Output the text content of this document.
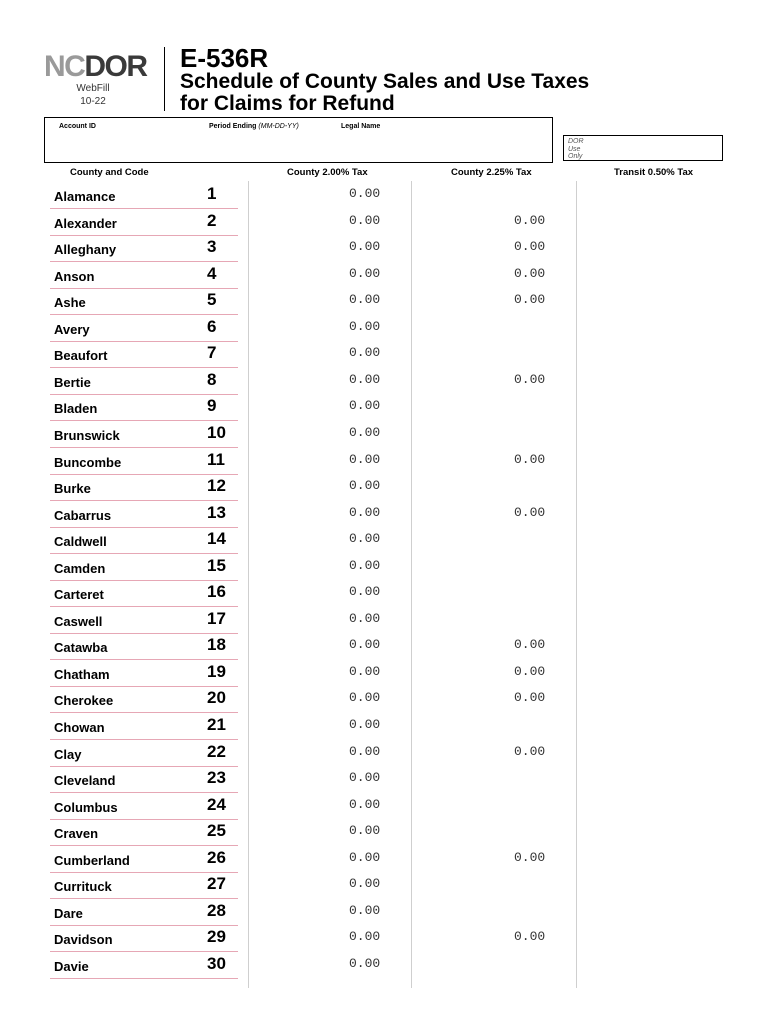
NCDOR
WebFill
10-22
E-536R
Schedule of County Sales and Use Taxes
for Claims for Refund
Account ID	Period Ending (MM-DD-YY)	Legal Name
DOR
Use
Only
County and Code	County 2.00% Tax	County 2.25% Tax	Transit 0.50% Tax
Alamance	1	0.00
Alexander	2	0.00	0.00
Alleghany	3	0.00	0.00
Anson	4	0.00	0.00
Ashe	5	0.00	0.00
Avery	6	0.00
Beaufort	7	0.00
Bertie	8	0.00	0.00
Bladen	9	0.00
Brunswick	10	0.00
Buncombe	11	0.00	0.00
Burke	12	0.00
Cabarrus	13	0.00	0.00
Caldwell	14	0.00
Camden	15	0.00
Carteret	16	0.00
Caswell	17	0.00
Catawba	18	0.00	0.00
Chatham	19	0.00	0.00
Cherokee	20	0.00	0.00
Chowan	21	0.00
Clay	22	0.00	0.00
Cleveland	23	0.00
Columbus	24	0.00
Craven	25	0.00
Cumberland	26	0.00	0.00
Currituck	27	0.00
Dare	28	0.00
Davidson	29	0.00	0.00
Davie	30	0.00
